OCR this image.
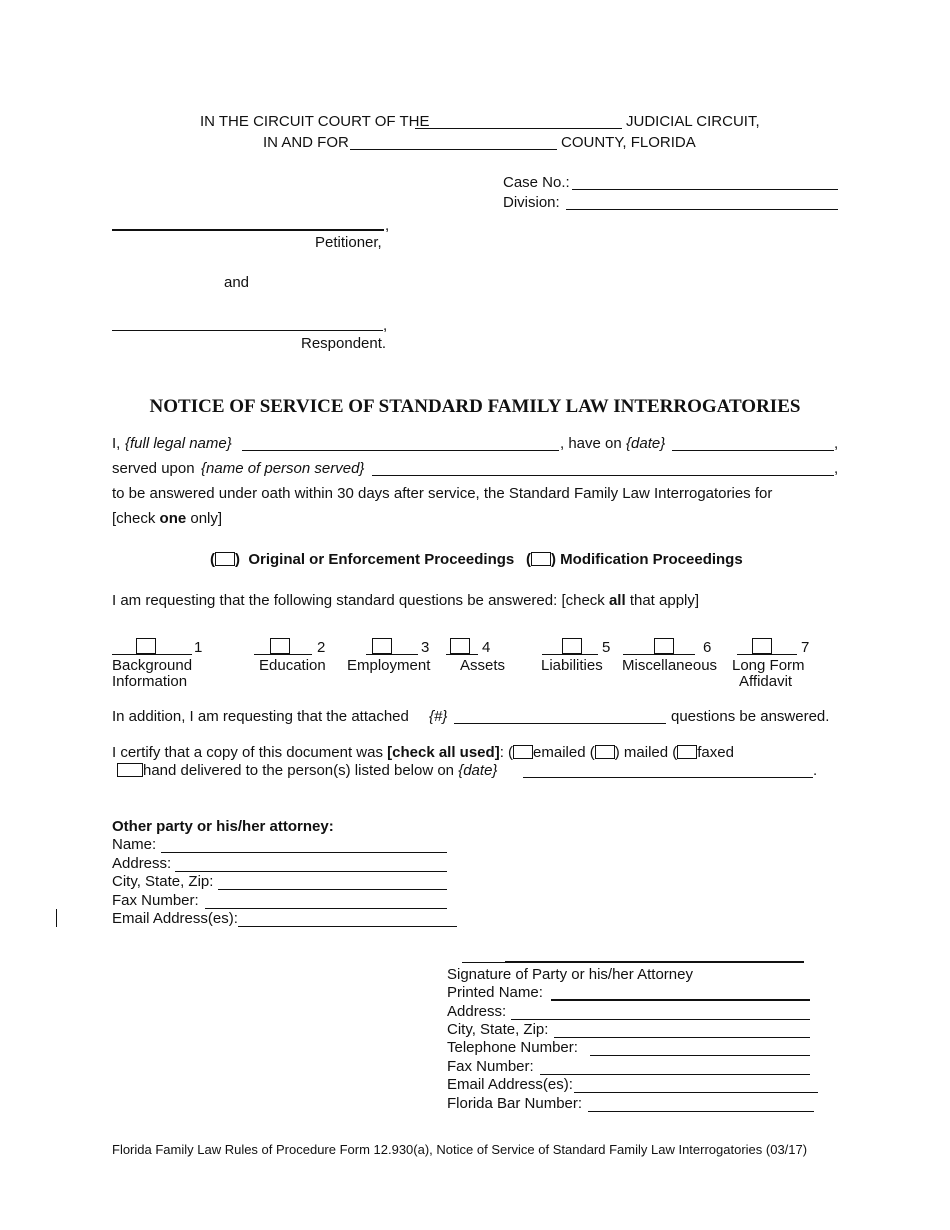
IN THE CIRCUIT COURT OF THE	JUDICIAL CIRCUIT,
IN AND FOR	COUNTY, FLORIDA
Case No.:
Division:
,
Petitioner,
and
,
Respondent.
NOTICE OF SERVICE OF STANDARD FAMILY LAW INTERROGATORIES
I, {full legal name}	, have on {date}	,
served upon {name of person served}	,
to be answered under oath within 30 days after service, the Standard Family Law Interrogatories for
[check one only]
( )  Original or Enforcement Proceedings ( ) Modification Proceedings
I am requesting that the following standard questions be answered: [check all that apply]
1
Background
Information
2
Education
3
Employment
4
Assets
5
Liabilities
6
Miscellaneous
7
Long Form
Affidavit
In addition, I am requesting that the attached {#}	questions be answered.
I certify that a copy of this document was [check all used]: ( emailed ( ) mailed ( faxed
hand delivered to the person(s) listed below on {date}	.
Other party or his/her attorney:
Name:
Address:
City, State, Zip:
Fax Number:
Email Address(es):
Signature of Party or his/her Attorney
Printed Name:
Address:
City, State, Zip:
Telephone Number:
Fax Number:
Email Address(es):
Florida Bar Number:
Florida Family Law Rules of Procedure Form 12.930(a), Notice of Service of Standard Family Law Interrogatories (03/17)
